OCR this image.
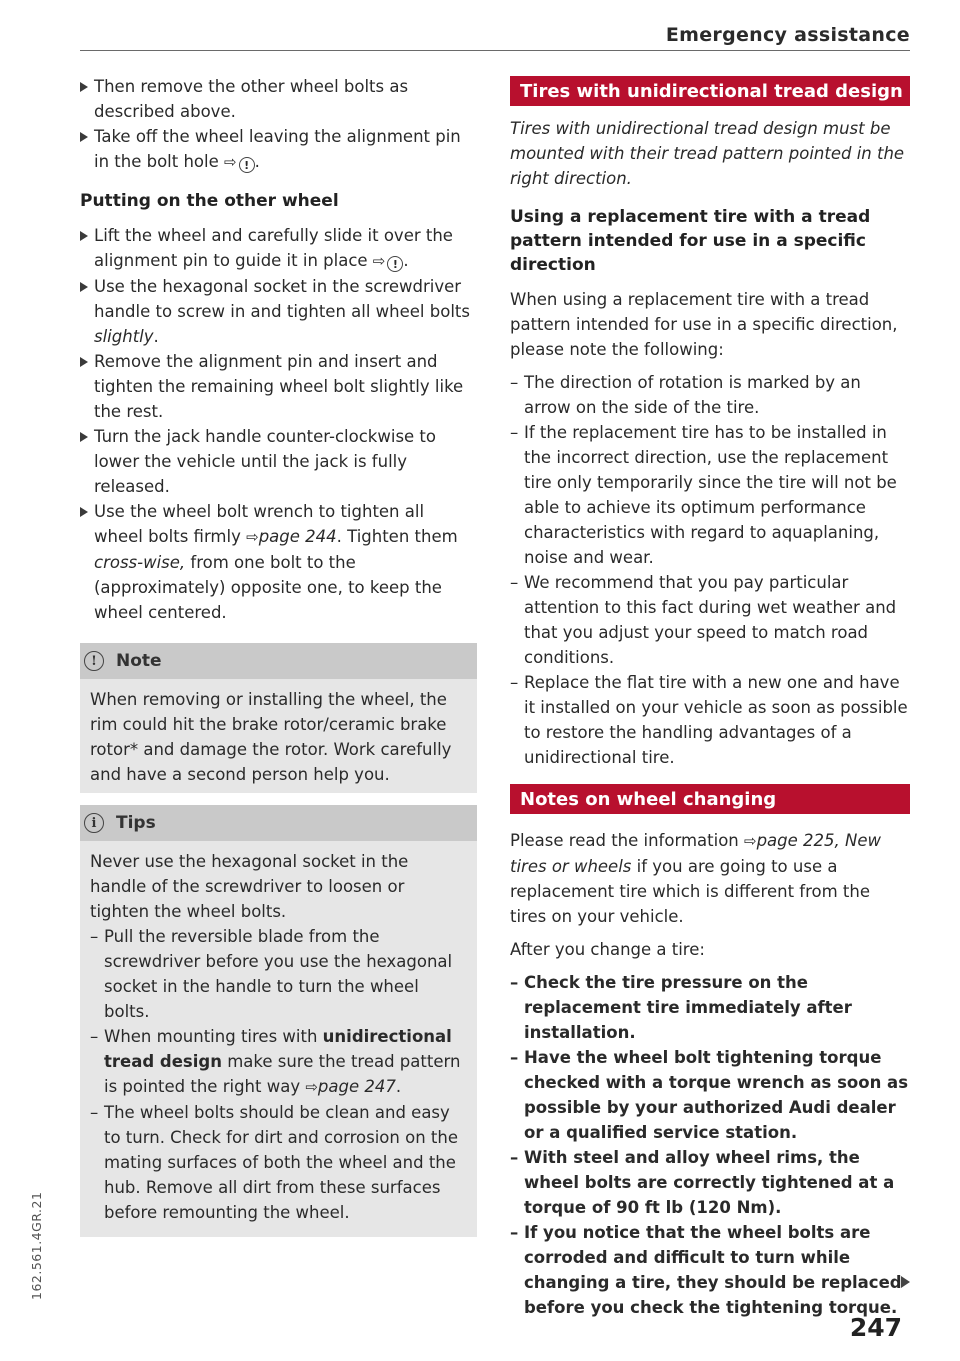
Emergency assistance

Then remove the other wheel bolts as described above.

Take off the wheel leaving the alignment pin in the bolt hole ⇨ ! .

Putting on the other wheel

Lift the wheel and carefully slide it over the alignment pin to guide it in place ⇨ ! .

Use the hexagonal socket in the screwdriver handle to screw in and tighten all wheel bolts slightly.

Remove the alignment pin and insert and tighten the remaining wheel bolt slightly like the rest.

Turn the jack handle counter-clockwise to lower the vehicle until the jack is fully released.

Use the wheel bolt wrench to tighten all wheel bolts firmly ⇨page 244. Tighten them cross-wise, from one bolt to the (approximately) opposite one, to keep the wheel centered.

!	Note

When removing or installing the wheel, the rim could hit the brake rotor/ceramic brake rotor* and damage the rotor. Work carefully and have a second person help you.

i	Tips

Never use the hexagonal socket in the handle of the screwdriver to loosen or tighten the wheel bolts.

– Pull the reversible blade from the screwdriver before you use the hexagonal socket in the handle to turn the wheel bolts.

– When mounting tires with unidirectional tread design make sure the tread pattern is pointed the right way ⇨page 247.

– The wheel bolts should be clean and easy to turn. Check for dirt and corrosion on the mating surfaces of both the wheel and the hub. Remove all dirt from these surfaces before remounting the wheel.

Tires with unidirectional tread design

Tires with unidirectional tread design must be mounted with their tread pattern pointed in the right direction.

Using a replacement tire with a tread pattern intended for use in a specific direction

When using a replacement tire with a tread pattern intended for use in a specific direction, please note the following:

– The direction of rotation is marked by an arrow on the side of the tire.

– If the replacement tire has to be installed in the incorrect direction, use the replacement tire only temporarily since the tire will not be able to achieve its optimum performance characteristics with regard to aquaplaning, noise and wear.

– We recommend that you pay particular attention to this fact during wet weather and that you adjust your speed to match road conditions.

– Replace the flat tire with a new one and have it installed on your vehicle as soon as possible to restore the handling advantages of a unidirectional tire.

Notes on wheel changing

Please read the information ⇨page 225, New tires or wheels if you are going to use a replacement tire which is different from the tires on your vehicle.

After you change a tire:

– Check the tire pressure on the replacement tire immediately after installation.

– Have the wheel bolt tightening torque checked with a torque wrench as soon as possible by your authorized Audi dealer or a qualified service station.

– With steel and alloy wheel rims, the wheel bolts are correctly tightened at a torque of 90 ft lb (120 Nm).

– If you notice that the wheel bolts are corroded and difficult to turn while changing a tire, they should be replaced before you check the tightening torque.

247
162.561.4GR.21
